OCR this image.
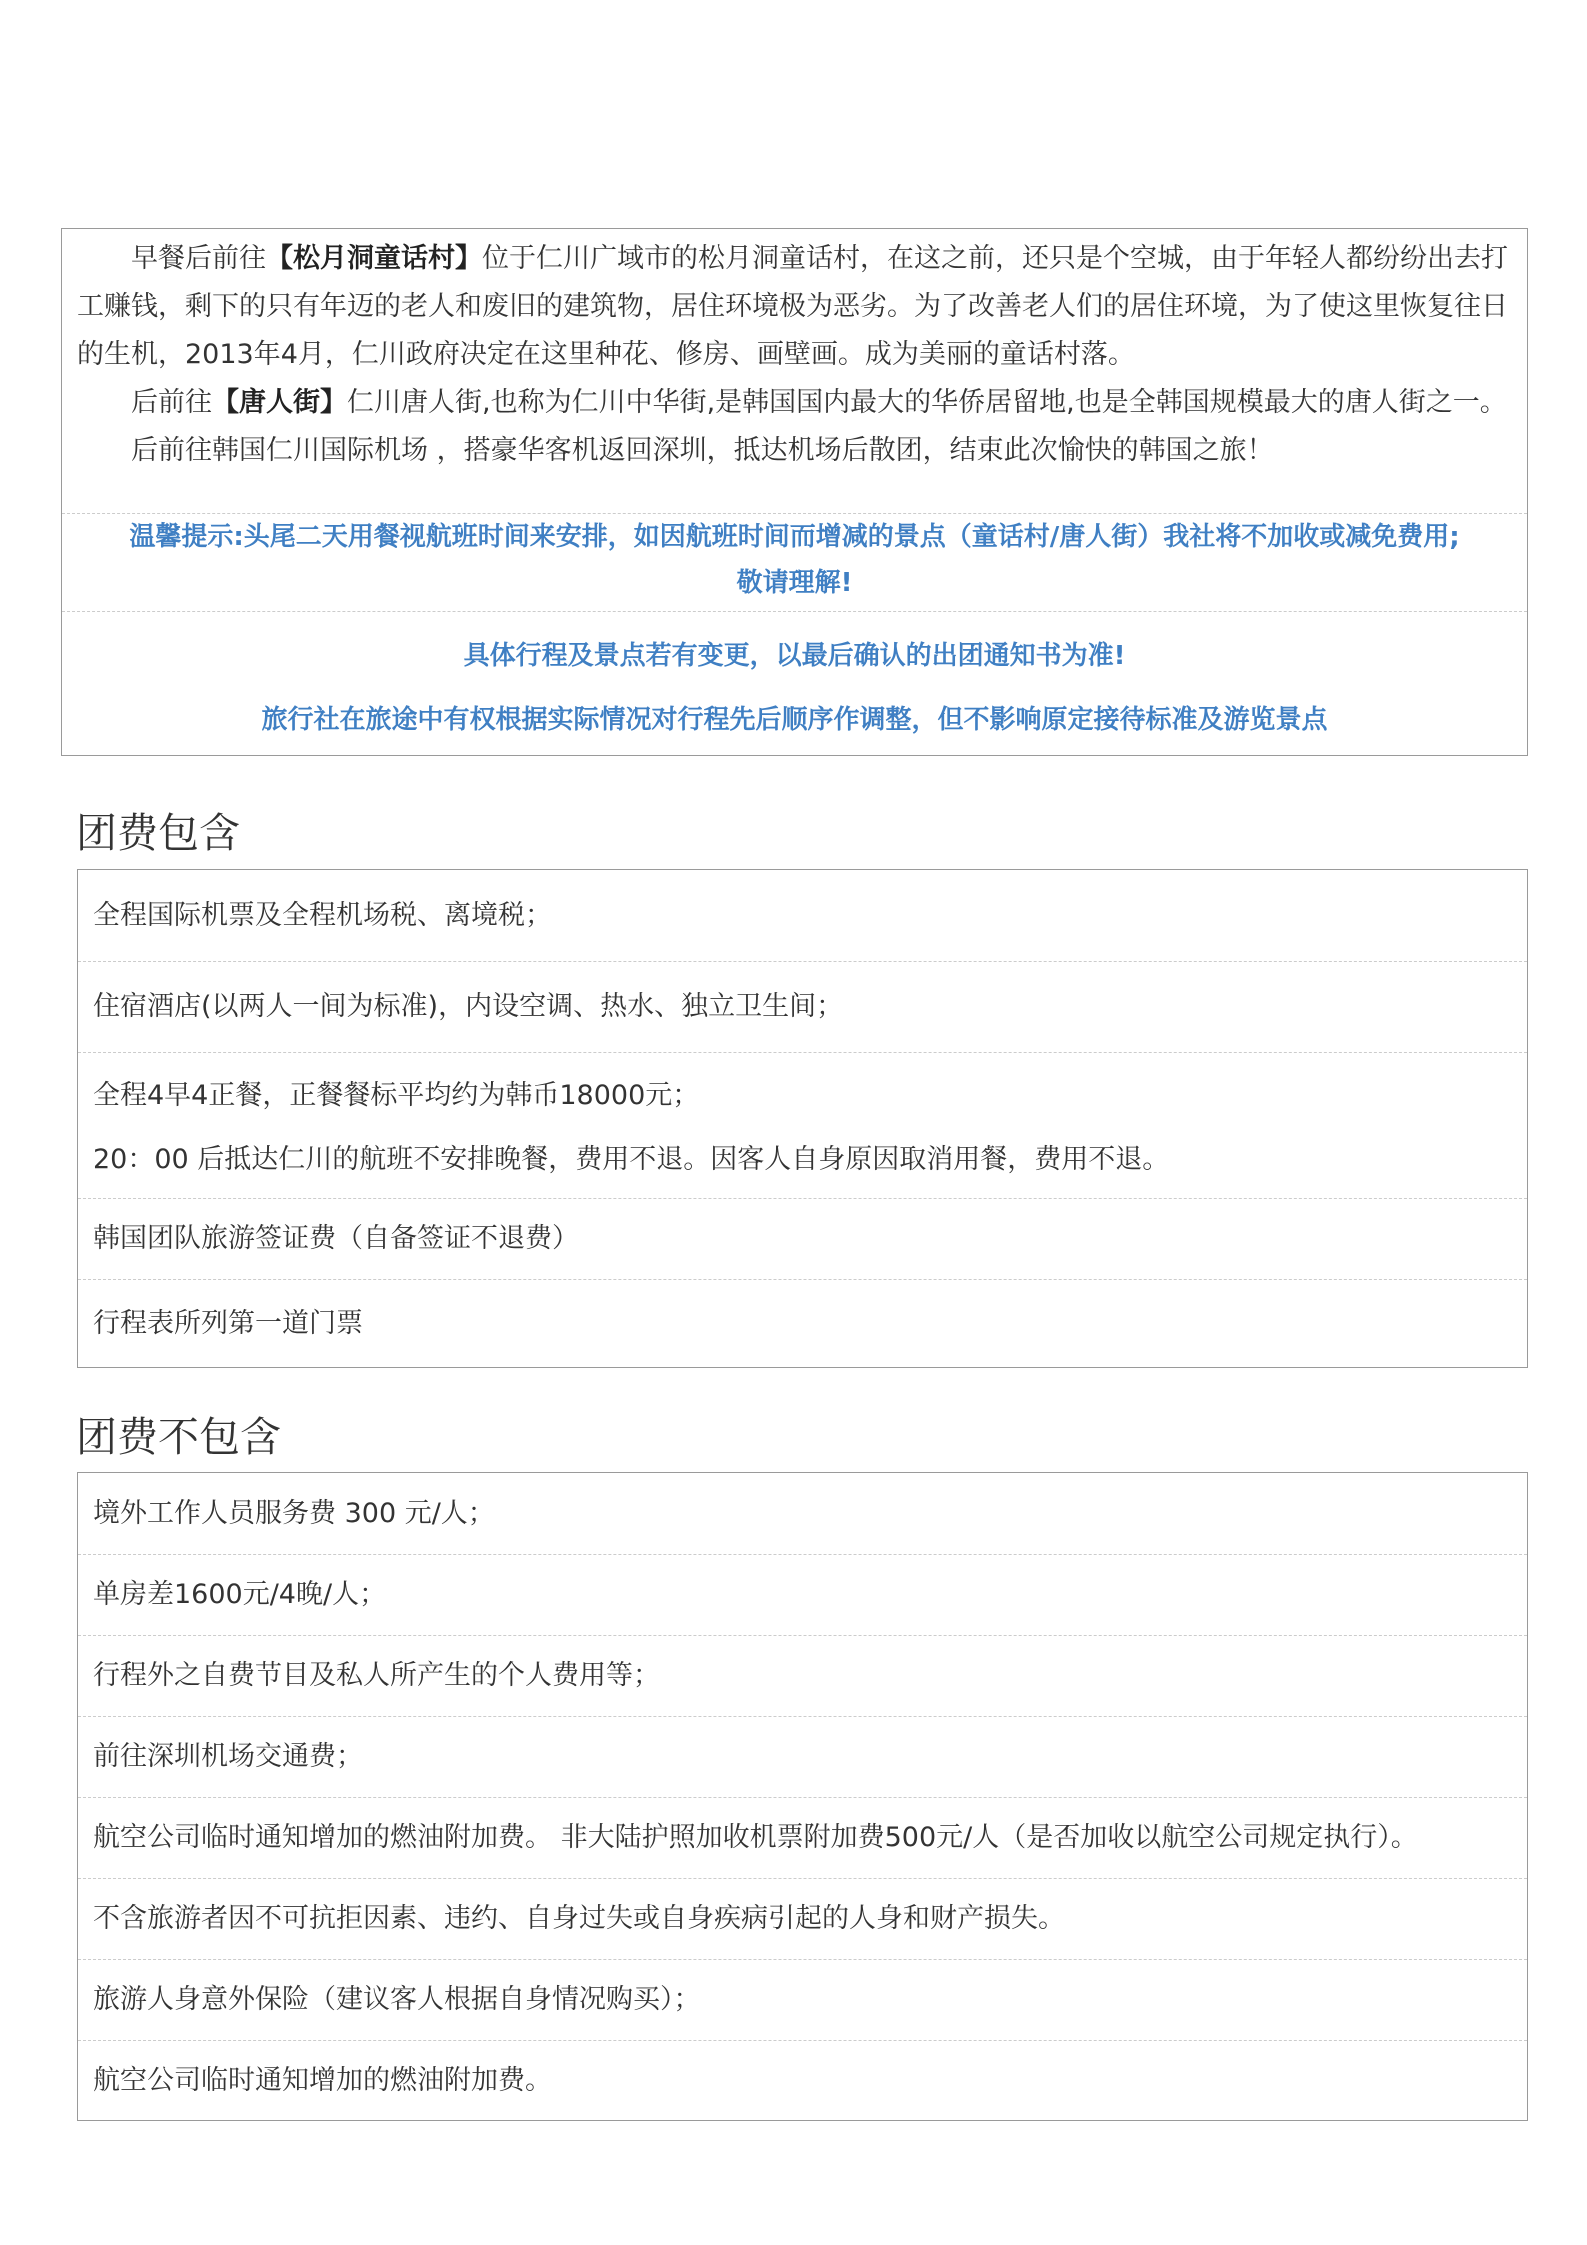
早餐后前往【松月洞童话村】位于仁川广域市的松月洞童话村，在这之前，还只是个空城，由于年轻人都纷纷出去打工赚钱，剩下的只有年迈的老人和废旧的建筑物，居住环境极为恶劣。为了改善老人们的居住环境，为了使这里恢复往日的生机，2013年4月，仁川政府决定在这里种花、修房、画壁画。成为美丽的童话村落。

后前往【唐人街】仁川唐人街,也称为仁川中华街,是韩国国内最大的华侨居留地,也是全韩国规模最大的唐人街之一。

后前往韩国仁川国际机场 ，搭豪华客机返回深圳，抵达机场后散团，结束此次愉快的韩国之旅！

温馨提示:头尾二天用餐视航班时间来安排，如因航班时间而增减的景点（童话村/唐人街）我社将不加收或减免费用;
敬请理解!
具体行程及景点若有变更，以最后确认的出团通知书为准!
旅行社在旅途中有权根据实际情况对行程先后顺序作调整，但不影响原定接待标准及游览景点
团费包含
全程国际机票及全程机场税、离境税；
住宿酒店(以两人一间为标准)，内设空调、热水、独立卫生间；
全程4早4正餐，正餐餐标平均约为韩币18000元；
20：00 后抵达仁川的航班不安排晚餐，费用不退。因客人自身原因取消用餐，费用不退。
韩国团队旅游签证费（自备签证不退费）
行程表所列第一道门票
团费不包含
境外工作人员服务费 300 元/人；
单房差1600元/4晚/人；
行程外之自费节目及私人所产生的个人费用等；
前往深圳机场交通费；
航空公司临时通知增加的燃油附加费。 非大陆护照加收机票附加费500元/人（是否加收以航空公司规定执行）。
不含旅游者因不可抗拒因素、违约、自身过失或自身疾病引起的人身和财产损失。
旅游人身意外保险（建议客人根据自身情况购买）；
航空公司临时通知增加的燃油附加费。
